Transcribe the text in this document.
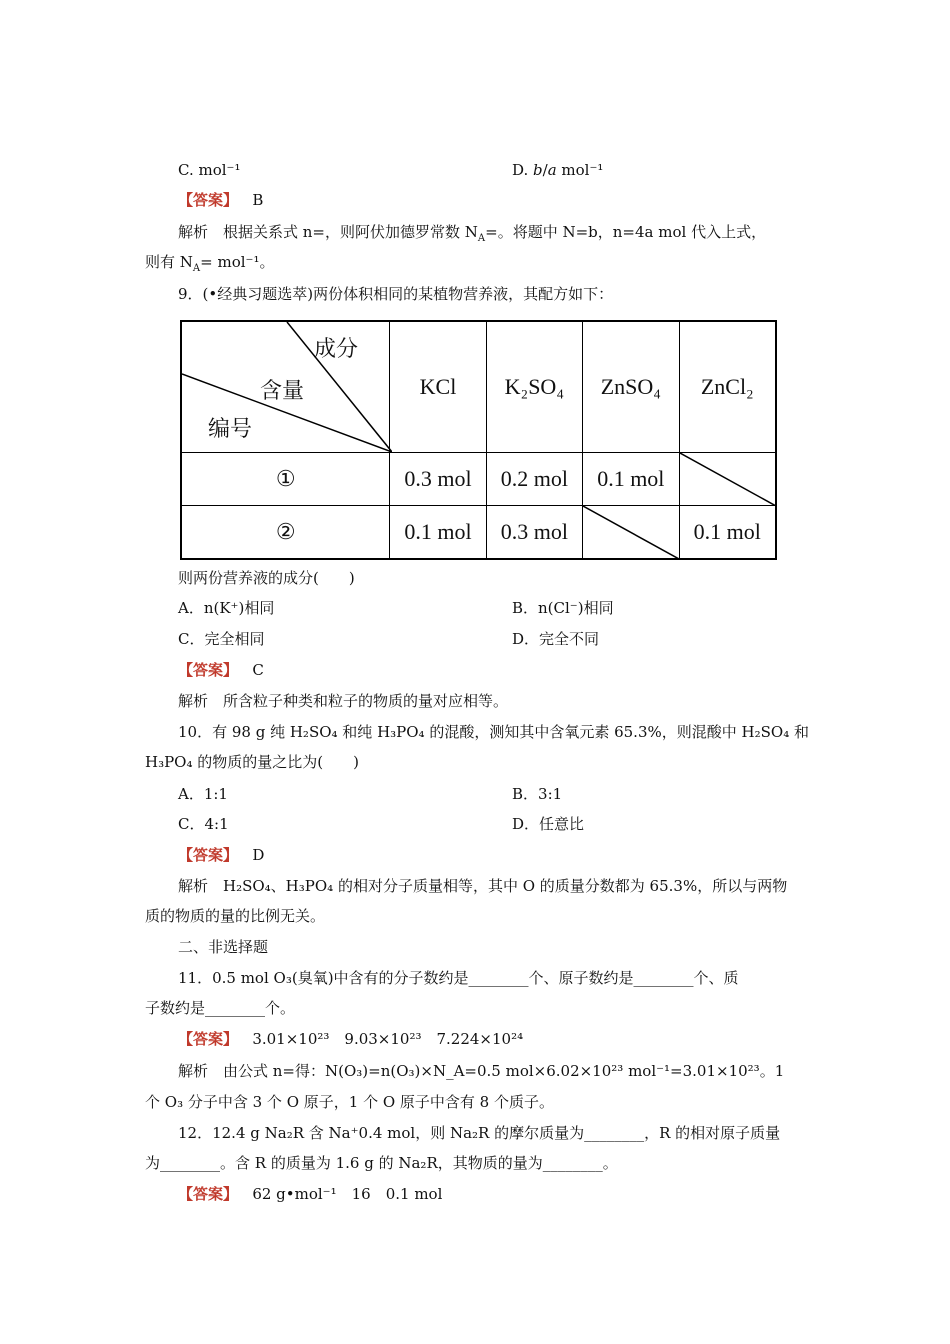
C. mol⁻¹	D. b/a mol⁻¹
【答案】 B
解析　根据关系式 n=，则阿伏加德罗常数 $N_A=$。将题中 N=b，n=4a mol 代入上式，
则有 $N_A= mol^{-1}$。
9．(•经典习题选萃)两份体积相同的某植物营养液，其配方如下：
成分
含量
编号	KCl	K₂SO₄	ZnSO₄	ZnCl₂
①	0.3 mol	0.2 mol	0.1 mol	

②	0.1 mol	0.3 mol		0.1 mol
则两份营养液的成分(　　)
A．n(K⁺)相同	B．n(Cl⁻)相同
C．完全相同	D．完全不同
【答案】 C
解析　所含粒子种类和粒子的物质的量对应相等。
10．有 98 g 纯 H₂SO₄ 和纯 H₃PO₄ 的混酸，测知其中含氧元素 65.3%，则混酸中 H₂SO₄ 和
H₃PO₄ 的物质的量之比为(　　)
A．1:1	B．3:1
C．4:1	D．任意比
【答案】 D
解析　H₂SO₄、H₃PO₄ 的相对分子质量相等，其中 O 的质量分数都为 65.3%，所以与两物
质的物质的量的比例无关。
二、非选择题
11．0.5 mol O₃(臭氧)中含有的分子数约是________个、原子数约是________个、质
子数约是________个。
【答案】 3.01×10²³　9.03×10²³　7.224×10²⁴
解析　由公式 n=得：N(O₃)=n(O₃)×N_A=0.5 mol×6.02×10²³ mol⁻¹=3.01×10²³。1
个 O₃ 分子中含 3 个 O 原子，1 个 O 原子中含有 8 个质子。
12．12.4 g Na₂R 含 Na⁺0.4 mol，则 Na₂R 的摩尔质量为________，R 的相对原子质量
为________。含 R 的质量为 1.6 g 的 Na₂R，其物质的量为________。
【答案】 62 g•mol⁻¹　16　0.1 mol
